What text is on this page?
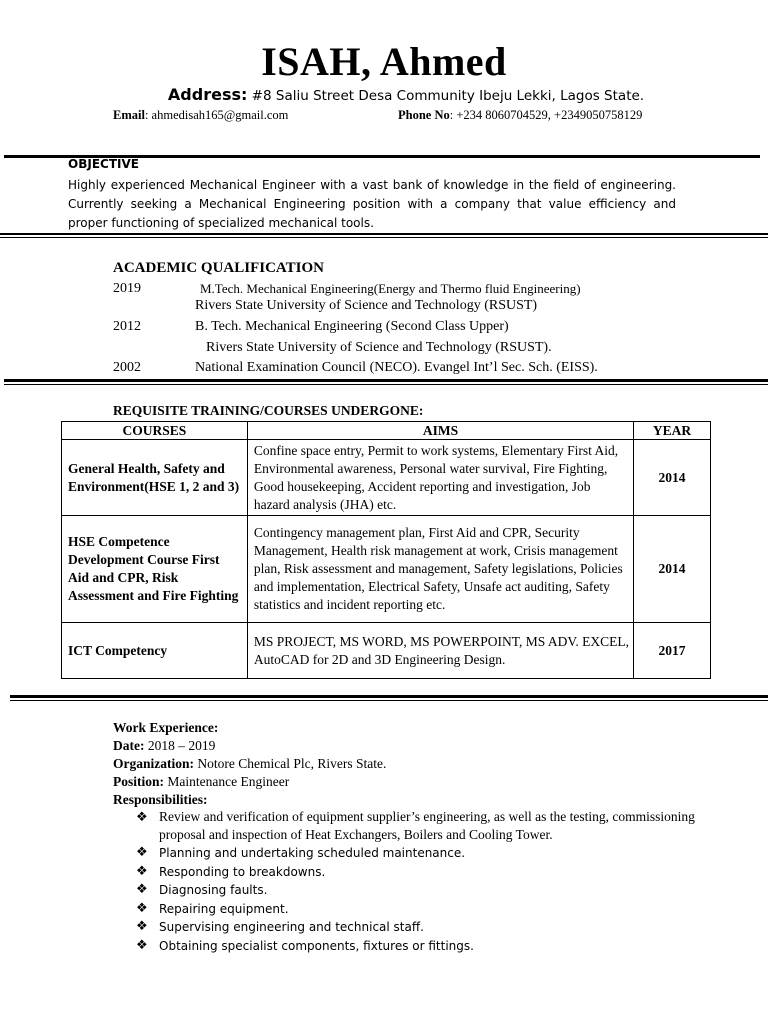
ISAH, Ahmed
Address: #8 Saliu Street Desa Community Ibeju Lekki, Lagos State.
Email: ahmedisah165@gmail.com	Phone No: +234 8060704529, +2349050758129
OBJECTIVE
Highly experienced Mechanical Engineer with a vast bank of knowledge in the field of engineering. Currently seeking a Mechanical Engineering position with a company that value efficiency and proper functioning of specialized mechanical tools.
ACADEMIC QUALIFICATION
2019	M.Tech. Mechanical Engineering(Energy and Thermo fluid Engineering)
Rivers State University of Science and Technology (RSUST)
2012	B. Tech. Mechanical Engineering (Second Class Upper)
Rivers State University of Science and Technology (RSUST).
2002	National Examination Council (NECO). Evangel Int’l Sec. Sch. (EISS).
REQUISITE TRAINING/COURSES UNDERGONE:
COURSES	AIMS	YEAR
General Health, Safety and Environment(HSE 1, 2 and 3)	Confine space entry, Permit to work systems, Elementary First Aid, Environmental awareness, Personal water survival, Fire Fighting, Good housekeeping, Accident reporting and investigation, Job hazard analysis (JHA) etc.	2014
HSE Competence Development Course First Aid and CPR, Risk Assessment and Fire Fighting	Contingency management plan, First Aid and CPR, Security Management, Health risk management at work, Crisis management plan, Risk assessment and management, Safety legislations, Policies and implementation, Electrical Safety, Unsafe act auditing, Safety statistics and incident reporting etc.	2014
ICT Competency	MS PROJECT, MS WORD, MS POWERPOINT, MS ADV. EXCEL, AutoCAD for 2D and 3D Engineering Design.	2017
Work Experience:
Date: 2018 – 2019
Organization: Notore Chemical Plc, Rivers State.
Position: Maintenance Engineer
Responsibilities:
❖ Review and verification of equipment supplier’s engineering, as well as the testing, commissioning proposal and inspection of Heat Exchangers, Boilers and Cooling Tower.
❖ Planning and undertaking scheduled maintenance.
❖ Responding to breakdowns.
❖ Diagnosing faults.
❖ Repairing equipment.
❖ Supervising engineering and technical staff.
❖ Obtaining specialist components, fixtures or fittings.
